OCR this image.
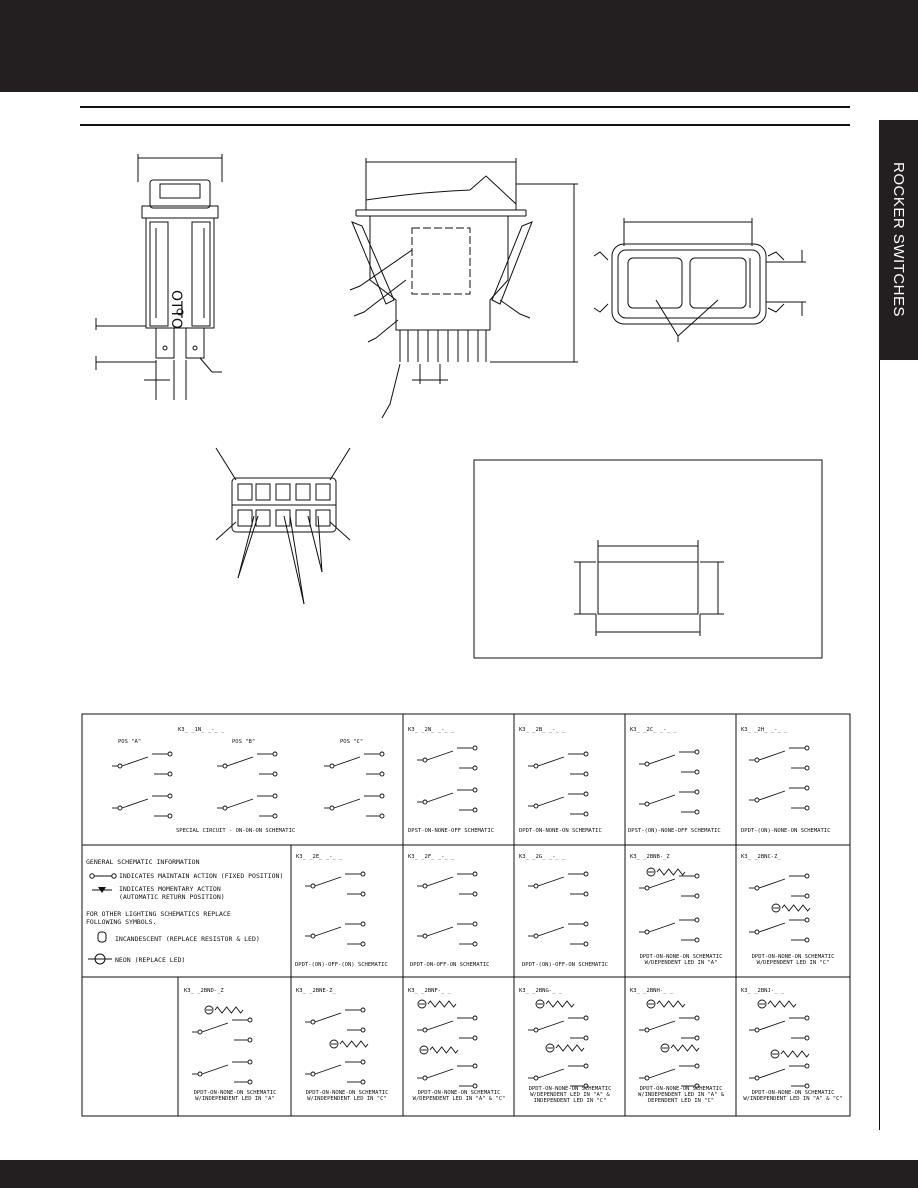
ROCKER SWITCHES
OTTO
K3_ _1N_ _-_ _
POS "A"	POS "B"	POS "C"
SPECIAL CIRCUIT - ON-ON-ON SCHEMATIC
K3_ _2N_ _-_ _
DPST-ON-NONE-OFF SCHEMATIC
K3_ _2B_ _-_ _
DPDT-ON-NONE-ON SCHEMATIC
K3_ _2C_ _-_ _
DPST-(ON)-NONE-OFF SCHEMATIC
K3_ _2H_ _-_ _
DPDT-(ON)-NONE-ON SCHEMATIC
K3_ _2E_ _-_ _
DPDT-(ON)-OFF-(ON) SCHEMATIC
K3_ _2F_ _-_ _
DPDT-ON-OFF-ON SCHEMATIC
K3_ _2G_ _-_ _
DPDT-(ON)-OFF-ON SCHEMATIC
K3_ _2BNB-_Z
DPDT-ON-NONE-ON SCHEMATIC W/DEPENDENT LED IN "A"
K3_ _2BNC-Z_
DPDT-ON-NONE-ON SCHEMATIC W/DEPENDENT LED IN "C"
K3_ _2BND-_Z
DPDT-ON-NONE-ON SCHEMATIC W/INDEPENDENT LED IN "A"
K3_ _2BNE-Z_
DPDT-ON-NONE-ON SCHEMATIC W/INDEPENDENT LED IN "C"
K3_ _2BNF-_ _
DPDT-ON-NONE-ON SCHEMATIC W/DEPENDENT LED IN "A" & "C"
K3_ _2BNG-_ _
DPDT-ON-NONE-ON SCHEMATIC W/DEPENDENT LED IN "A" & INDEPENDENT LED IN "C"
K3_ _2BNH-_ _
DPDT-ON-NONE-ON SCHEMATIC W/INDEPENDENT LED IN "A" & DEPENDENT LED IN "C"
K3_ _2BNJ-_ _
DPDT-ON-NONE-ON SCHEMATIC W/INDEPENDENT LED IN "A" & "C"
GENERAL SCHEMATIC INFORMATION
INDICATES MAINTAIN ACTION (FIXED POSITION)
INDICATES MOMENTARY ACTION
(AUTOMATIC RETURN POSITION)
FOR OTHER LIGHTING SCHEMATICS REPLACE
FOLLOWING SYMBOLS.
INCANDESCENT (REPLACE RESISTOR & LED)
NEON (REPLACE LED)
